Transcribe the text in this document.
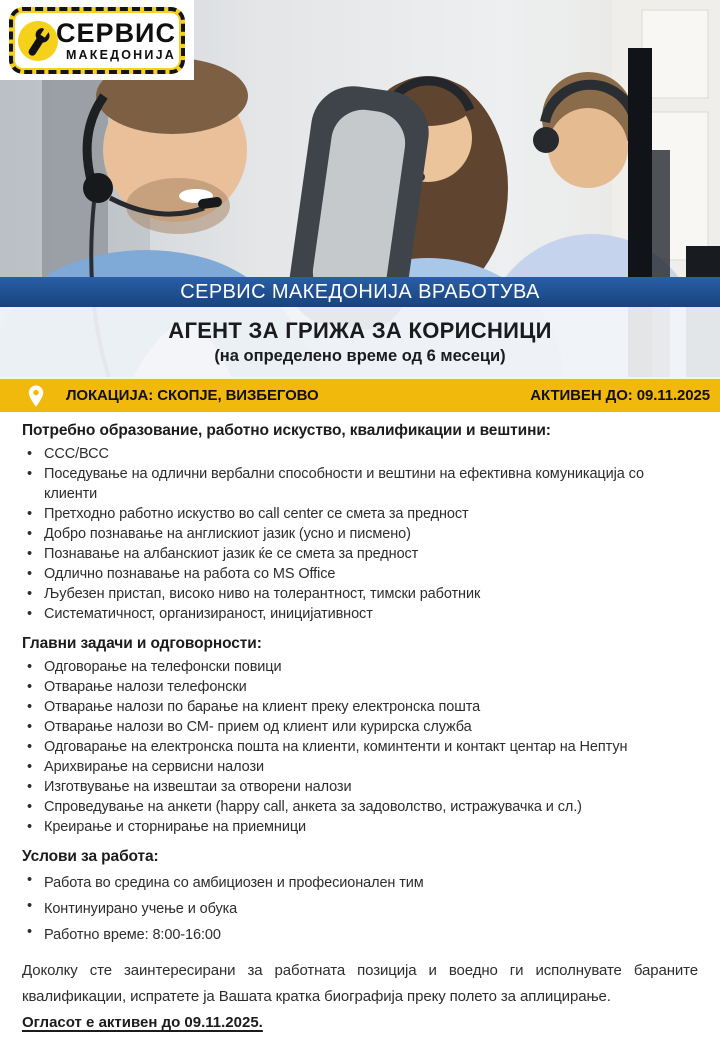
СЕРВИС
МАКЕДОНИЈА
СЕРВИС МАКЕДОНИЈА ВРАБОТУВА
АГЕНТ ЗА ГРИЖА ЗА КОРИСНИЦИ
(на определено време од 6 месеци)
ЛОКАЦИЈА: СКОПЈЕ, ВИЗБЕГОВО	АКТИВЕН ДО: 09.11.2025
Потребно образование, работно искуство, квалификации и вештини:
• ССС/ВСС
• Поседување на одлични вербални способности и вештини на ефективна комуникација со клиенти
• Претходно работно искуство во call center се смета за предност
• Добро познавање на англискиот јазик (усно и писмено)
• Познавање на албанскиот јазик ќе се смета за предност
• Одлично познавање на работа со MS Office
• Љубезен пристап, високо ниво на толерантност, тимски работник
• Систематичност, организираност, иницијативност
Главни задачи и одговорности:
• Одговорање на телефонски повици
• Отварање налози телефонски
• Отварање налози по барање на клиент преку електронска пошта
• Отварање налози во СМ- прием од клиент или курирска служба
• Одговарање на електронска пошта на клиенти, коминтенти и контакт центар на Нептун
• Арихвирање на сервисни налози
• Изготвување на извештаи за отворени налози
• Спроведување на анкети (happy call, анкета за задоволство, истражувачка и сл.)
• Креирање и сторнирање на приемници
Услови за работа:
• Работа во средина со амбициозен и професионален тим
• Континуирано учење и обука
• Работно време: 8:00-16:00

Доколку сте заинтересирани за работната позиција и воедно ги исполнувате бараните квалификации, испратете ја Вашата кратка биографија преку полето за аплицирање.

Огласот е активен до 09.11.2025.
